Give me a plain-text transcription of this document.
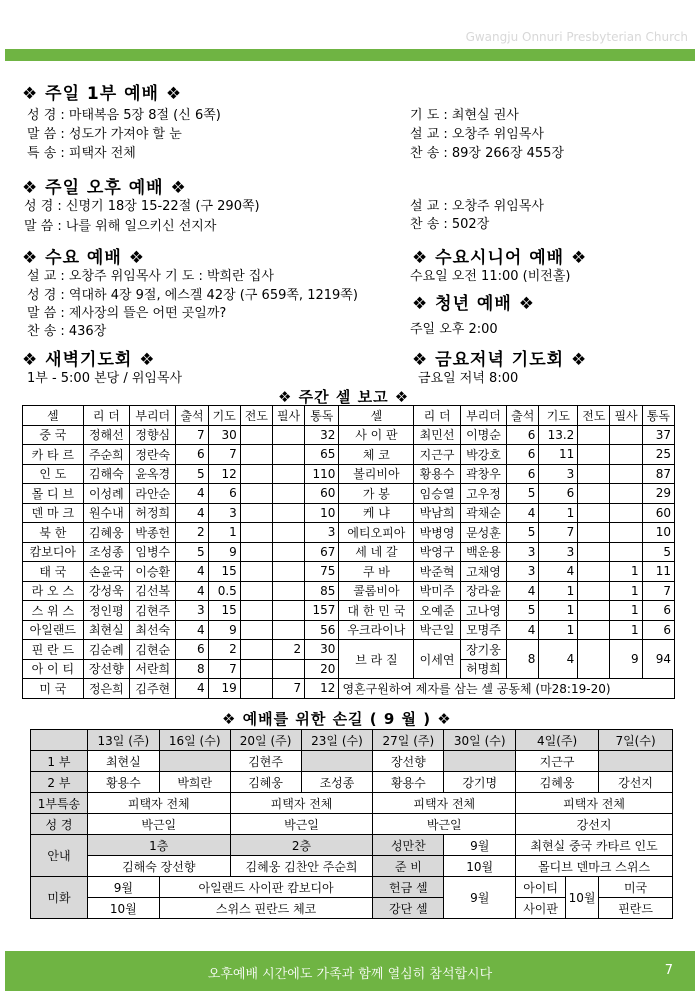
Gwangju Onnuri Presbyterian Church
❖ 주일 1부 예배 ❖
성 경 : 마태복음 5장 8절 (신 6쪽)
말 씀 : 성도가 가져야 할 눈
특 송 : 피택자 전체
기 도 : 최현실 권사
설 교 : 오창주 위임목사
찬 송 : 89장 266장 455장
❖ 주일 오후 예배 ❖
성 경 : 신명기 18장 15-22절 (구 290쪽)
말 씀 : 나를 위해 일으키신 선지자
설 교 : 오창주 위임목사
찬 송 : 502장
❖ 수요 예배 ❖
설 교 : 오창주 위임목사 기 도 : 박희란 집사
성 경 : 역대하 4장 9절, 에스겔 42장 (구 659쪽, 1219쪽)
말 씀 : 제사장의 뜰은 어떤 곳일까?
찬 송 : 436장
❖ 수요시니어 예배 ❖
수요일 오전 11:00 (비전홀)
❖ 청년 예배 ❖
주일 오후 2:00
❖ 새벽기도회 ❖
1부 - 5:00 본당 / 위임목사
❖ 금요저녁 기도회 ❖
금요일 저녁 8:00
❖ 주간 셀 보고 ❖
셀	리 더	부리더	출석	기도	전도	필사	통독	셀	리 더	부리더	출석	기도	전도	필사	통독
중 국	정해선	정향심	7	30			32	사 이 판	최민선	이명순	6	13.2			37
카 타 르	주순희	정란숙	6	7			65	체 코	지근구	박강호	6	11			25
인 도	김해숙	윤옥경	5	12			110	볼리비아	황용수	곽창우	6	3			87
몰 디 브	이성례	라안순	4	6			60	가 봉	임승열	고우정	5	6			29
덴 마 크	원수내	허정희	4	3			10	케 냐	박남희	곽채순	4	1			60
북 한	김혜웅	박종헌	2	1			3	에티오피아	박병영	문성훈	5	7			10
캄보디아	조성종	임병수	5	9			67	세 네 갈	박영구	백운용	3	3			5
태 국	손윤국	이승환	4	15			75	쿠 바	박준혁	고채영	3	4		1	11
라 오 스	강성욱	김선복	4	0.5			85	콜롬비아	박미주	장라윤	4	1		1	7
스 위 스	정인평	김현주	3	15			157	대 한 민 국	오예준	고나영	5	1		1	6
아일랜드	최현실	최선숙	4	9			56	우크라이나	박근일	모명주	4	1		1	6
핀 란 드	김순례	김현순	6	2		2	30	브 라 질	이세연	장기웅	8	4		9	94
아 이 티	장선향	서란희	8	7			20			허명희					
미 국	정은희	김주현	4	19		7	12	영혼구원하여 제자를 삼는 셀 공동체 (마28:19-20)							
❖ 예배를 위한 손길 ( 9 월 ) ❖
	13일 (주)	16일 (수)	20일 (주)	23일 (수)	27일 (주)	30일 (수)	4일(주)		7일(수)
1 부	최현실		김현주		장선향		지근구		
2 부	황용수	박희란	김혜웅	조성종	황용수	강기명	김혜웅		강선지
1부특송	피택자 전체		피택자 전체		피택자 전체		피택자 전체		
성 경	박근일		박근일		박근일		강선지		
안내	1층		2층		성만찬	9월	최현실 중국 카타르 인도		
	김해숙 장선향		김혜웅 김찬안 주순희		준 비	10월	몰디브 덴마크 스위스		
미화	9월	아일랜드 사이판 캄보디아			헌금 셀	9월	아이티	10월	미국
	10월	스위스 핀란드 체코			강단 셀		사이판		핀란드
오후예배 시간에도 가족과 함께 열심히 참석합시다	7
